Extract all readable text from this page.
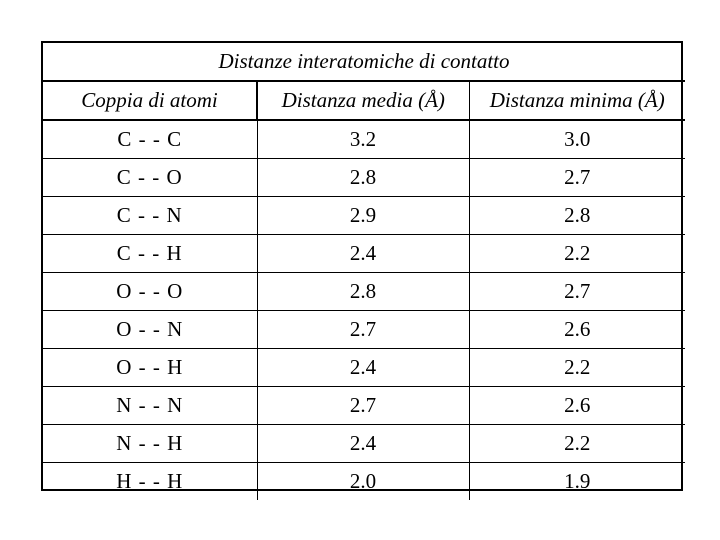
Distanze interatomiche di contatto		
Coppia di atomi	Distanza media (Å)	Distanza minima (Å)
C - - C	3.2	3.0
C - - O	2.8	2.7
C - - N	2.9	2.8
C - - H	2.4	2.2
O - - O	2.8	2.7
O - - N	2.7	2.6
O - - H	2.4	2.2
N - - N	2.7	2.6
N - - H	2.4	2.2
H - - H	2.0	1.9
